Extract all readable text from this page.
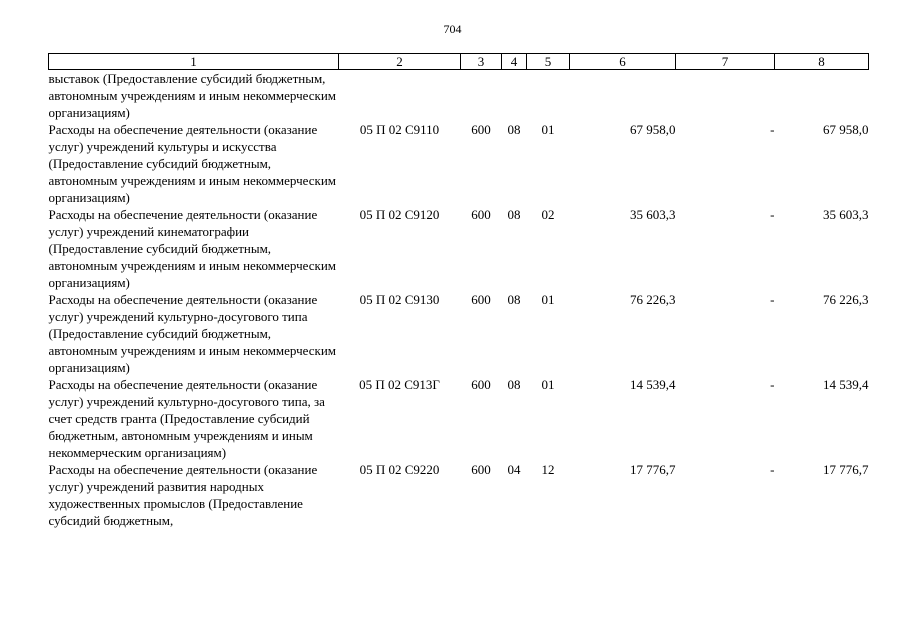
704
1	2	3	4	5	6	7	8
выставок (Предоставление субсидий бюджетным, автономным учреждениям и иным некоммерческим организациям)							
Расходы на обеспечение деятельности (оказание услуг) учреждений культуры и искусства (Предоставление субсидий бюджетным, автономным учреждениям и иным некоммерческим организациям)	05 П 02 С9110	600	08	01	67 958,0	-	67 958,0
Расходы на обеспечение деятельности (оказание услуг) учреждений кинематографии (Предоставление субсидий бюджетным, автономным учреждениям и иным некоммерческим организациям)	05 П 02 С9120	600	08	02	35 603,3	-	35 603,3
Расходы на обеспечение деятельности (оказание услуг) учреждений культурно-досугового типа (Предоставление субсидий бюджетным, автономным учреждениям и иным некоммерческим организациям)	05 П 02 С9130	600	08	01	76 226,3	-	76 226,3
Расходы на обеспечение деятельности (оказание услуг) учреждений культурно-досугового типа, за счет средств гранта (Предоставление субсидий бюджетным, автономным учреждениям и иным некоммерческим организациям)	05 П 02 С913Г	600	08	01	14 539,4	-	14 539,4
Расходы на обеспечение деятельности (оказание услуг) учреждений развития народных художественных промыслов (Предоставление субсидий бюджетным,	05 П 02 С9220	600	04	12	17 776,7	-	17 776,7
